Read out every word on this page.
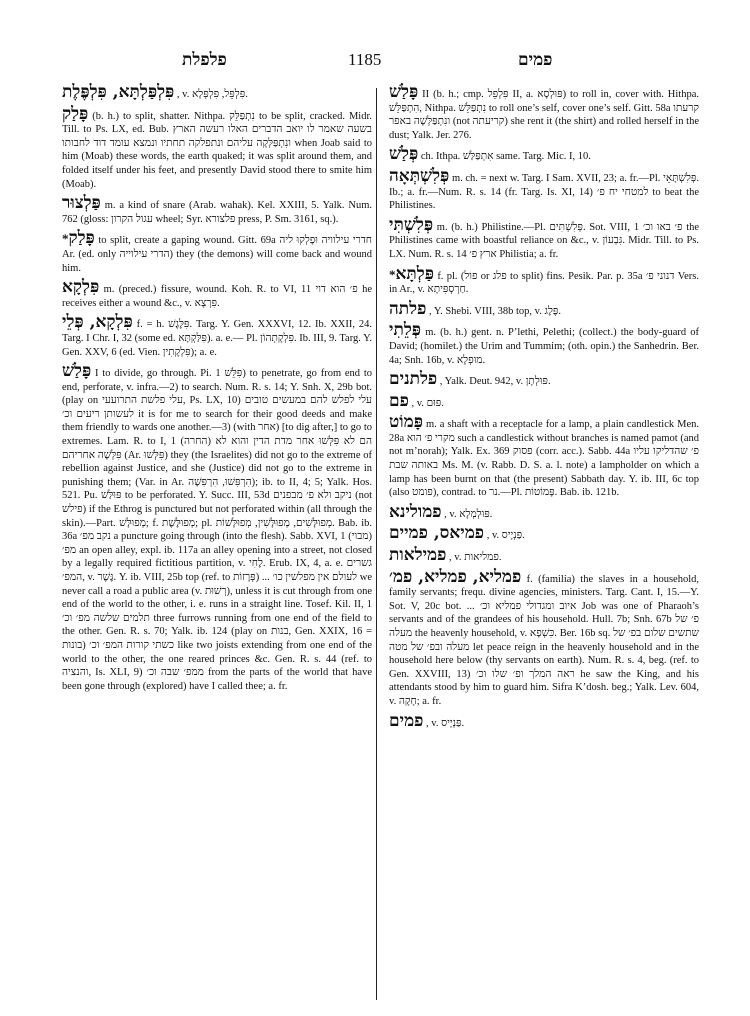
פלפלת	1185	פמים
פִּלְפַּלְתָּא, פִּלְפֶּלֶת , v. פִּלְפֵּל, פִּלְפְּלָא.
פָּלַק (b. h.) to split, shatter. Nithpa. נִתְפַּלֵּק to be split, cracked. Midr. Till. to Ps. LX, ed. Bub. בשעה שאמר לו יואב הדברים האלו רעשה הארץ ונִתְפַּלְּקָה עליהם ונתפלקה תחתיו ונמצא עומד דוד לחבותו when Joab said to him (Moab) these words, the earth quaked; it was split around them, and folded itself under his feet, and presently David stood there to smite him (Moab).
פַּלְצוּר m. a kind of snare (Arab. wahak). Kel. XXIII, 5. Yalk. Num. 762 (gloss: עגול הקרון wheel; Syr. פלצורא press, P. Sm. 3161, sq.).
*פָּלַק to split, create a gaping wound. Gitt. 69a חדרי עילוויה וּפָלְקוּ ליה Ar. (ed. only הדרי עילוייה) they (the demons) will come back and wound him.
פִּלְקָא m. (preced.) fissure, wound. Koh. R. to VI, 11 פ׳ הוא דוי he receives either a wound &c., v. פִּרְצָא.
פִּלְקָא, פְּלֵי f. = h. פִּלֶּגֶשׁ. Targ. Y. Gen. XXXVI, 12. Ib. XXII, 24. Targ. I Chr. I, 32 (some ed. פִּלַּקְתָּא). a. e.— Pl. פִּלְקָתְהוֹן. Ib. III, 9. Targ. Y. Gen. XXV, 6 (ed. Vien. פִּלְקָתִין); a. e.
פָּלַשׁ I to divide, go through. Pi. פִּלֵּשׁ 1) to penetrate, go from end to end, perforate, v. infra.—2) to search. Num. R. s. 14; Y. Snh. X, 29b bot. (play on עלי פלשת התרועעי, Ps. LX, 10) עלי לפלש להם במעשים טובים לעשותן ריעים וכ׳ it is for me to search for their good deeds and make them friendly to wards one another.—3) (with אחר) [to dig after,] to go to extremes. Lam. R. to I, 1 (החרה) הם לא פִּלְּשׁוּ אחר מדת הדין והוא לא פִּלְּשָׁה אחריהם (Ar. פִּלְּשׁוּ) they (the Israelites) did not go to the extreme of rebellion against Justice, and she (Justice) did not go to the extreme in punishing them; (Var. in Ar. הִרְפִּשׁוּ, הִרְפִּשָׁה); ib. to II, 4; 5; Yalk. Hos. 521. Pu. פּוּלַּשׁ to be perforated. Y. Succ. III, 53d ניקב ולא פ׳ מבפנים (not פילש) if the Ethrog is punctured but not perforated within (all through the skin).—Part. מְפוּלָּשׁ; f. מְפוּלֶּשֶׁת; pl. מְפוּלָּשִׁים, מְפוּלָּשִׁין, מְפוּלָּשׁוֹת. Bab. ib. 36a נקב מפ׳ a puncture going through (into the flesh). Sabb. XVI, 1 (מבוי) מפ׳ an open alley, expl. ib. 117a an alley opening into a street, not closed by a legally required fictitious partition, v. לֶחִי. Erub. IX, 4, a. e. גשרים המפ׳, v. גֶּשֶׁר. Y. ib. VIII, 25b top (ref. to פְּרָזוֹת) ... לעולם אין מפלשין כו׳ we never call a road a public area (v. רְשׁוּת), unless it is cut through from one end of the world to the other, i. e. runs in a straight line. Tosef. Kil. II, 1 תלמים שלשה מפ׳ וכ׳ three furrows running from one end of the field to the other. Gen. R. s. 70; Yalk. ib. 124 (play on בנות, Gen. XXIX, 16 = בונות) כשתי קורות המפ׳ וכ׳ like two joists extending from one end of the world to the other, the one reared princes &c. Gen. R. s. 44 (ref. to והנציה, Is. XLI, 9) ממפ׳ שבה וכ׳ from the parts of the world that have been gone through (explored) have I called thee; a. fr.
פָּלַשׁ II (b. h.; cmp. פִּלְפֵּל II, a. פּוּלְסָא) to roll in, cover with. Hithpa. הִתְפַּלֵּשׁ, Nithpa. נִתְפַּלֵּשׁ to roll one’s self, cover one’s self. Gitt. 58a קרעתו ונִתְפַּלְּשָׁה באפר (not קריעתה) she rent it (the shirt) and rolled herself in the dust; Yalk. Jer. 276.
פְּלַשׁ ch. Ithpa. אִתְפַּלַּשׁ same. Targ. Mic. I, 10.
פְּלִשְׁתְּאָה m. ch. = next w. Targ. I Sam. XVII, 23; a. fr.—Pl. פְּלִשְׁתָּאֵי. Ib.; a. fr.—Num. R. s. 14 (fr. Targ. Is. XI, 14) למטחי יח פ׳ to beat the Philistines.
פְּלִשְׁתִּי m. (b. h.) Philistine.—Pl. פְּלִשְׁתִּים. Sot. VIII, 1 פ׳ באו וכ׳ the Philistines came with boastful reliance on &c., v. גִּבְעוֹן. Midr. Till. to Ps. LX. Num. R. s. 14 ארץ פ׳ Philistia; a. fr.
*פַּלְתָּא f. pl. (פול or פלג to split) fins. Pesik. Par. p. 35a דנוני פ׳ Vers. in Ar., v. חַרְסְפִּיתָא.
פלתה , Y. Shebi. VIII, 38b top, v. פֶּלֶג.
פְּלֵתִי m. (b. h.) gent. n. P’lethi, Pelethi; (collect.) the body-guard of David; (homilet.) the Urim and Tummim; (oth. opin.) the Sanhedrin. Ber. 4a; Snh. 16b, v. מוּפְלָא.
פלתנים , Yalk. Deut. 942, v. פּוּלְתָן.
פם , v. פּוּם.
פָּמוֹט m. a shaft with a receptacle for a lamp, a plain candlestick Men. 28a מקרי פ׳ הוא such a candlestick without branches is named pamot (and not m’norah); Yalk. Ex. 369 פסוק (corr. acc.). Sabb. 44a פ׳ שהדליקו עליו באותה שבת Ms. M. (v. Rabb. D. S. a. l. note) a lampholder on which a lamp has been burnt on that (the present) Sabbath day. Y. ib. III, 6c top (also פומט), contrad. to נר.—Pl. פָּמוֹטוֹת. Bab. ib. 121b.
פמולינא , v. פּוּלְמְלָא.
פמיאס, פמיים , v. פַּנְיָיס.
פמילאות , v. פמליאות.
פמליא, פמליא, פמ׳ f. (familia) the slaves in a household, family servants; frequ. divine agencies, ministers. Targ. Cant. I, 15.—Y. Sot. V, 20c bot. ... איוב ומגדולי פמליא וכ׳ Job was one of Pharaoh’s servants and of the grandees of his household. Hull. 7b; Snh. 67b פ׳ של מעלה the heavenly household, v. כִּשְׁפָא. Ber. 16b sq. שתשים שלום בפ׳ של מעלה ובפ׳ של מטה let peace reign in the heavenly household and in the household here below (thy servants on earth). Num. R. s. 4, beg. (ref. to Gen. XXVIII, 13) ראה המלך ופ׳ שלו וכ׳ he saw the King, and his attendants stood by him to guard him. Sifra K’dosh. beg.; Yalk. Lev. 604, v. חָקָה; a. fr.
פמים , v. פַּנְיָיס.
